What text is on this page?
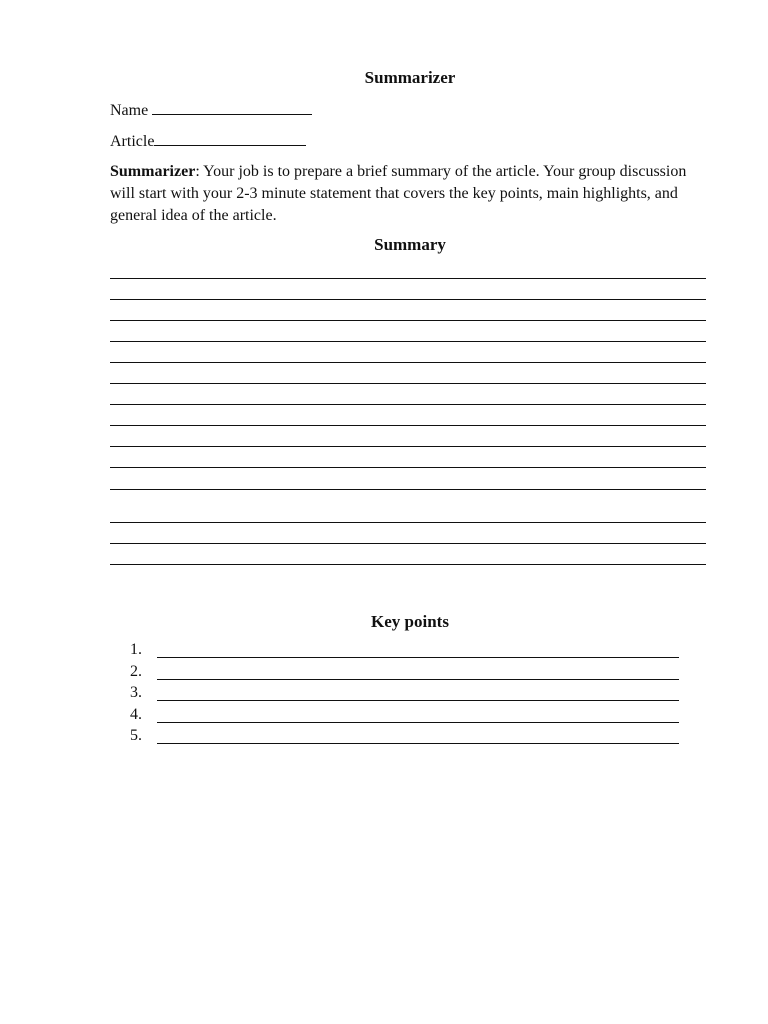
Summarizer
Name
Article
Summarizer: Your job is to prepare a brief summary of the article. Your group discussion will start with your 2-3 minute statement that covers the key points, main highlights, and general idea of the article.
Summary
Key points
1.
2.
3.
4.
5.
